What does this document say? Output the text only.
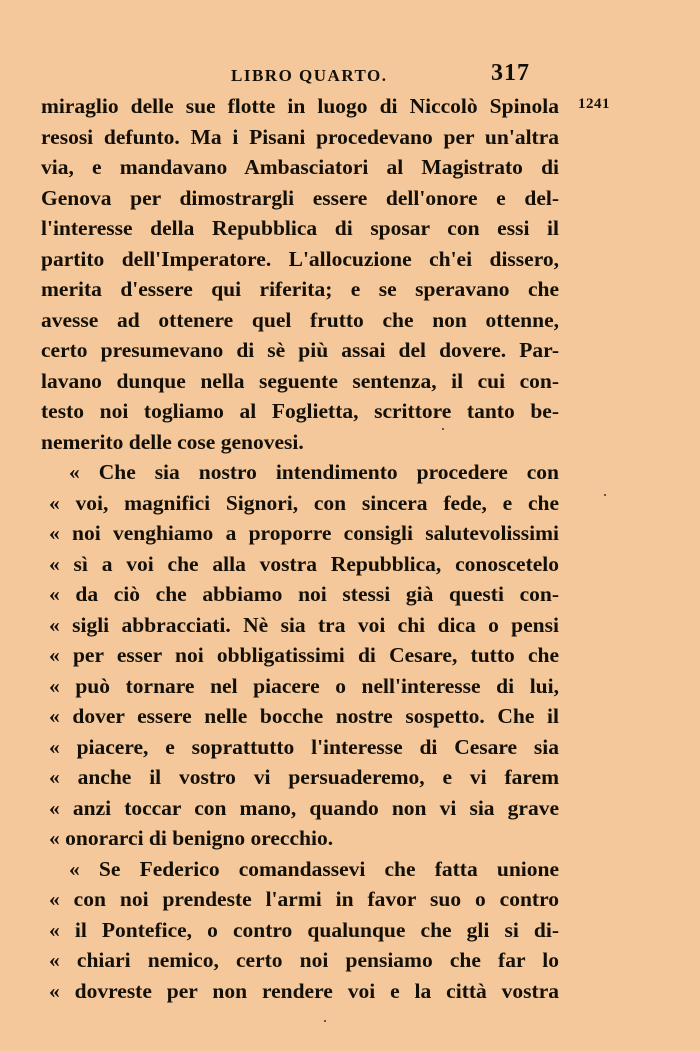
LIBRO QUARTO.	317
1241
miraglio delle sue flotte in luogo di Niccolò Spinola
resosi defunto. Ma i Pisani procedevano per un'altra
via, e mandavano Ambasciatori al Magistrato di
Genova per dimostrargli essere dell'onore e del-
l'interesse della Repubblica di sposar con essi il
partito dell'Imperatore. L'allocuzione ch'ei dissero,
merita d'essere qui riferita; e se speravano che
avesse ad ottenere quel frutto che non ottenne,
certo presumevano di sè più assai del dovere. Par-
lavano dunque nella seguente sentenza, il cui con-
testo noi togliamo al Foglietta, scrittore tanto be-
nemerito delle cose genovesi.
« Che sia nostro intendimento procedere con
« voi, magnifici Signori, con sincera fede, e che
« noi venghiamo a proporre consigli salutevolissimi
« sì a voi che alla vostra Repubblica, conoscetelo
« da ciò che abbiamo noi stessi già questi con-
« sigli abbracciati. Nè sia tra voi chi dica o pensi
« per esser noi obbligatissimi di Cesare, tutto che
« può tornare nel piacere o nell'interesse di lui,
« dover essere nelle bocche nostre sospetto. Che il
« piacere, e soprattutto l'interesse di Cesare sia
« anche il vostro vi persuaderemo, e vi farem
« anzi toccar con mano, quando non vi sia grave
« onorarci di benigno orecchio.
« Se Federico comandassevi che fatta unione
« con noi prendeste l'armi in favor suo o contro
« il Pontefice, o contro qualunque che gli si di-
« chiari nemico, certo noi pensiamo che far lo
« dovreste per non rendere voi e la città vostra
